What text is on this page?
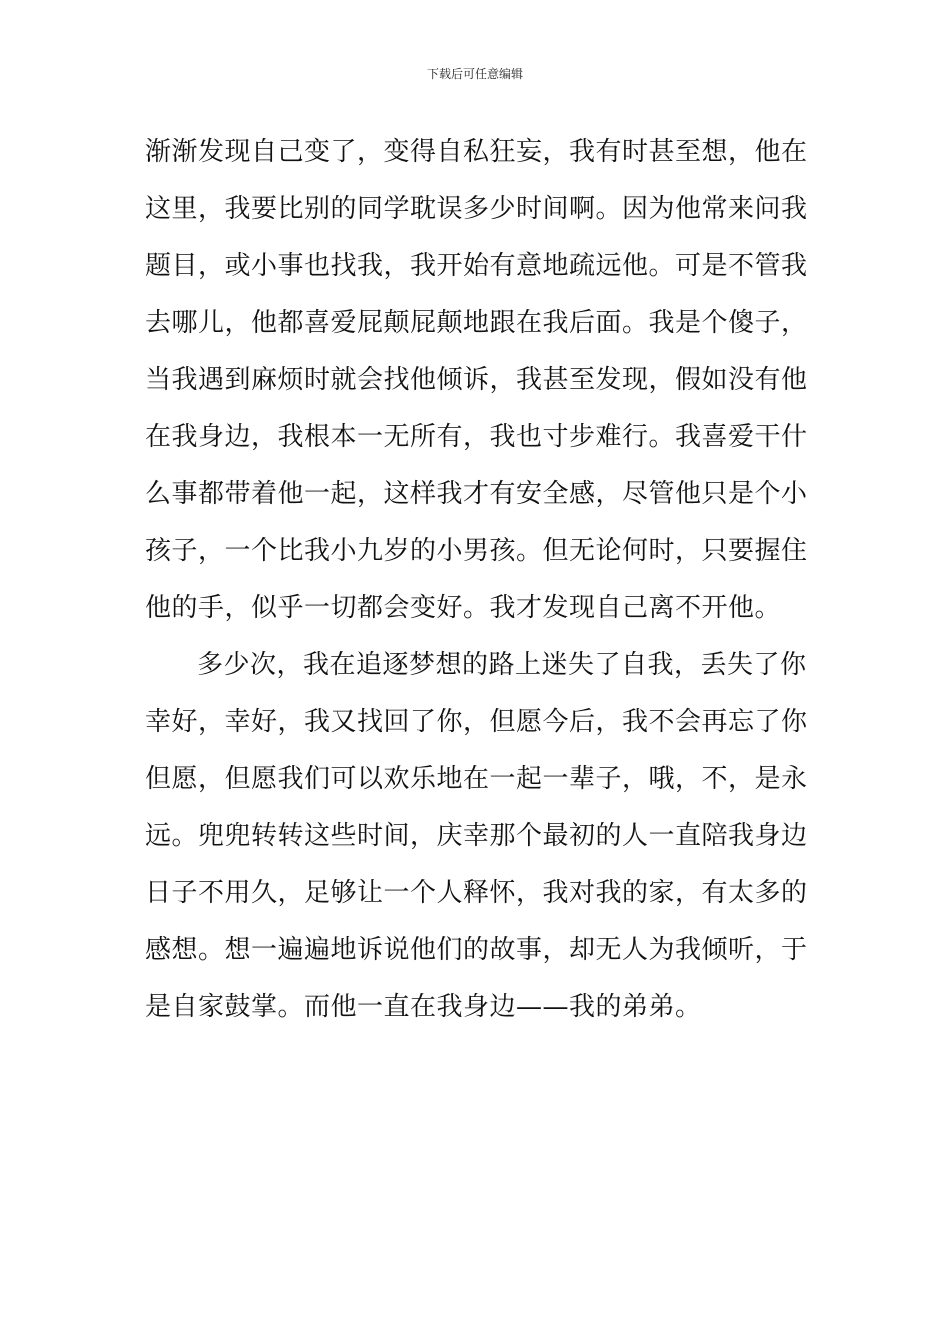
下载后可任意编辑
渐渐发现自己变了，变得自私狂妄，我有时甚至想，他在
这里，我要比别的同学耽误多少时间啊。因为他常来问我
题目，或小事也找我，我开始有意地疏远他。可是不管我
去哪儿，他都喜爱屁颠屁颠地跟在我后面。我是个傻子，
当我遇到麻烦时就会找他倾诉，我甚至发现，假如没有他
在我身边，我根本一无所有，我也寸步难行。我喜爱干什
么事都带着他一起，这样我才有安全感，尽管他只是个小
孩子，一个比我小九岁的小男孩。但无论何时，只要握住
他的手，似乎一切都会变好。我才发现自己离不开他。
多少次，我在追逐梦想的路上迷失了自我，丢失了你
幸好，幸好，我又找回了你，但愿今后，我不会再忘了你
但愿，但愿我们可以欢乐地在一起一辈子，哦，不，是永
远。兜兜转转这些时间，庆幸那个最初的人一直陪我身边
日子不用久，足够让一个人释怀，我对我的家，有太多的
感想。想一遍遍地诉说他们的故事，却无人为我倾听，于
是自家鼓掌。而他一直在我身边——我的弟弟。
